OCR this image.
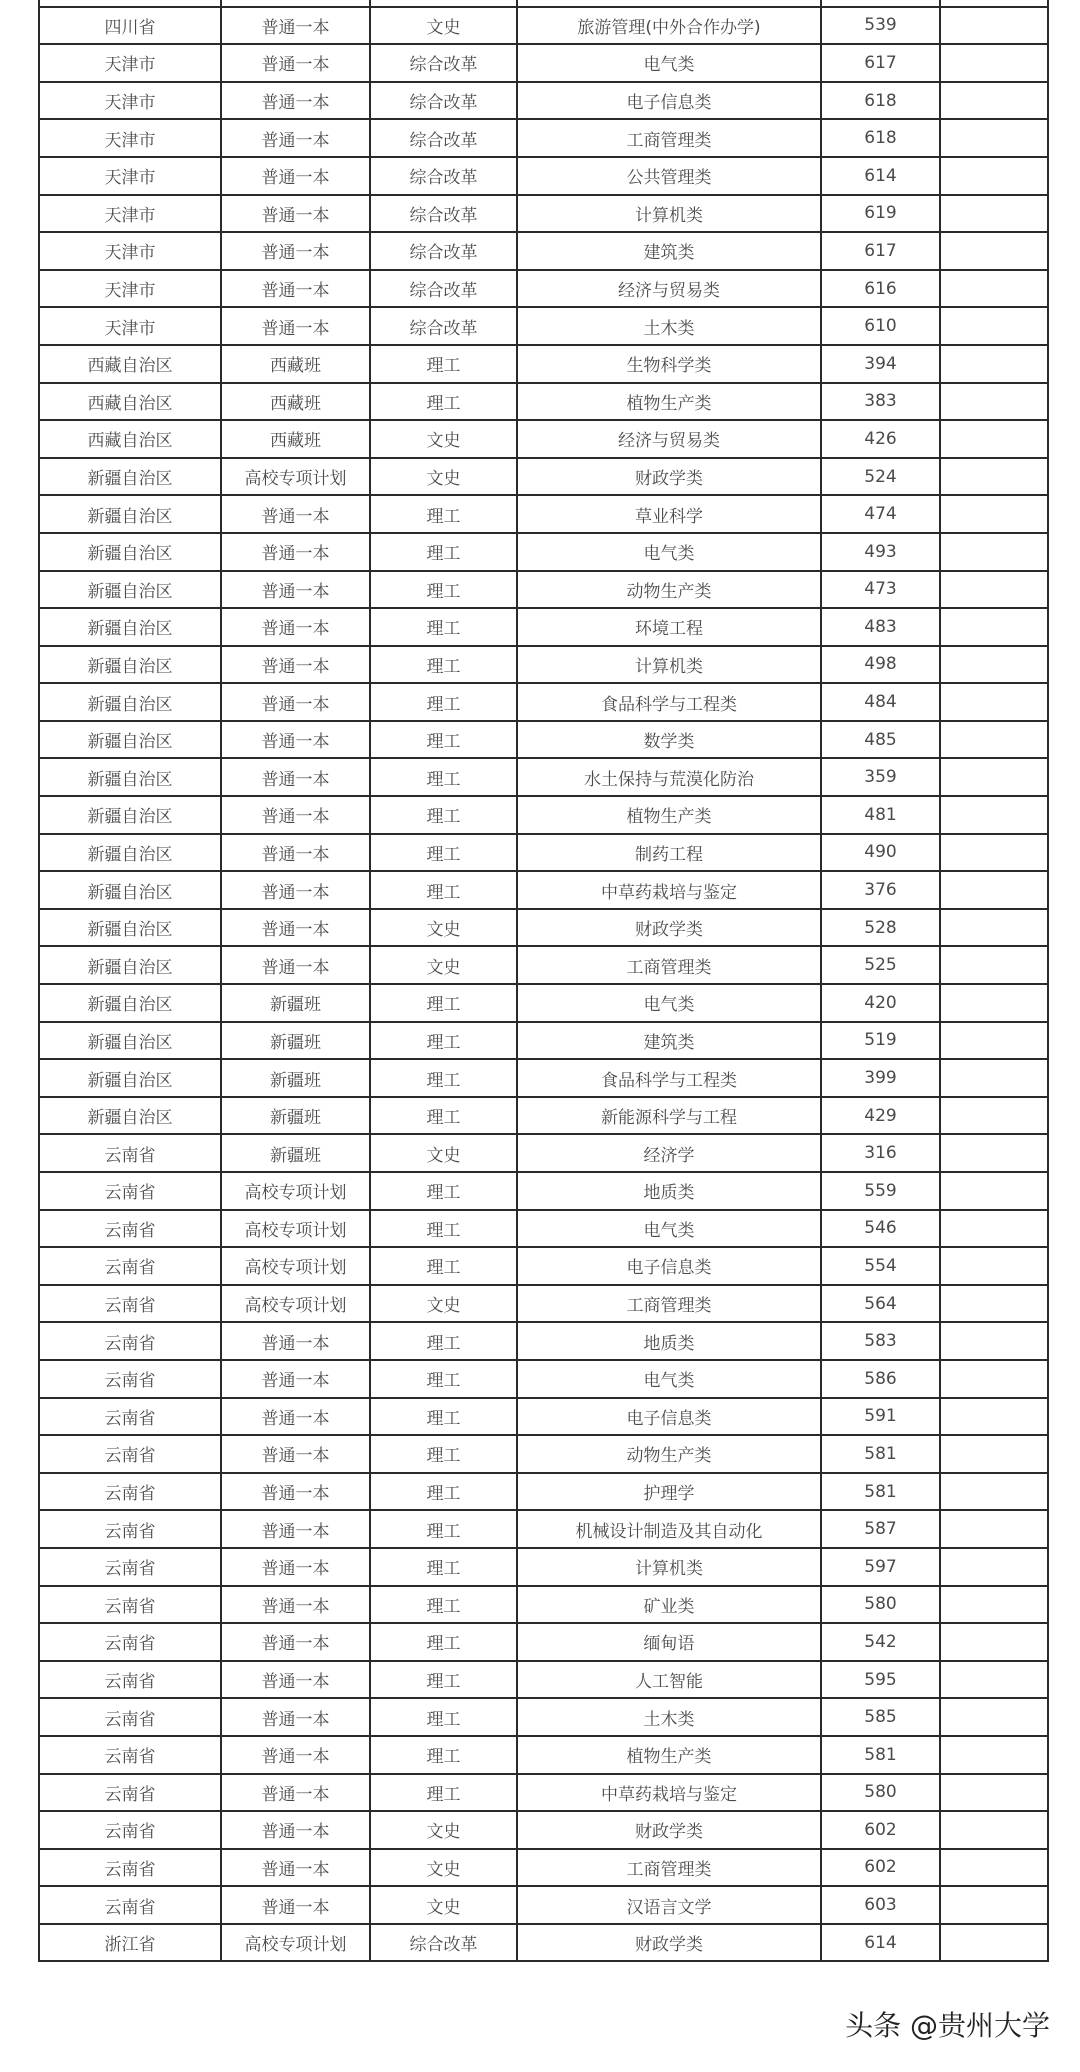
四川省	普通一本	文史	旅游管理(中外合作办学)	539	
天津市	普通一本	综合改革	电气类	617	
天津市	普通一本	综合改革	电子信息类	618	
天津市	普通一本	综合改革	工商管理类	618	
天津市	普通一本	综合改革	公共管理类	614	
天津市	普通一本	综合改革	计算机类	619	
天津市	普通一本	综合改革	建筑类	617	
天津市	普通一本	综合改革	经济与贸易类	616	
天津市	普通一本	综合改革	土木类	610	
西藏自治区	西藏班	理工	生物科学类	394	
西藏自治区	西藏班	理工	植物生产类	383	
西藏自治区	西藏班	文史	经济与贸易类	426	
新疆自治区	高校专项计划	文史	财政学类	524	
新疆自治区	普通一本	理工	草业科学	474	
新疆自治区	普通一本	理工	电气类	493	
新疆自治区	普通一本	理工	动物生产类	473	
新疆自治区	普通一本	理工	环境工程	483	
新疆自治区	普通一本	理工	计算机类	498	
新疆自治区	普通一本	理工	食品科学与工程类	484	
新疆自治区	普通一本	理工	数学类	485	
新疆自治区	普通一本	理工	水土保持与荒漠化防治	359	
新疆自治区	普通一本	理工	植物生产类	481	
新疆自治区	普通一本	理工	制药工程	490	
新疆自治区	普通一本	理工	中草药栽培与鉴定	376	
新疆自治区	普通一本	文史	财政学类	528	
新疆自治区	普通一本	文史	工商管理类	525	
新疆自治区	新疆班	理工	电气类	420	
新疆自治区	新疆班	理工	建筑类	519	
新疆自治区	新疆班	理工	食品科学与工程类	399	
新疆自治区	新疆班	理工	新能源科学与工程	429	
云南省	新疆班	文史	经济学	316	
云南省	高校专项计划	理工	地质类	559	
云南省	高校专项计划	理工	电气类	546	
云南省	高校专项计划	理工	电子信息类	554	
云南省	高校专项计划	文史	工商管理类	564	
云南省	普通一本	理工	地质类	583	
云南省	普通一本	理工	电气类	586	
云南省	普通一本	理工	电子信息类	591	
云南省	普通一本	理工	动物生产类	581	
云南省	普通一本	理工	护理学	581	
云南省	普通一本	理工	机械设计制造及其自动化	587	
云南省	普通一本	理工	计算机类	597	
云南省	普通一本	理工	矿业类	580	
云南省	普通一本	理工	缅甸语	542	
云南省	普通一本	理工	人工智能	595	
云南省	普通一本	理工	土木类	585	
云南省	普通一本	理工	植物生产类	581	
云南省	普通一本	理工	中草药栽培与鉴定	580	
云南省	普通一本	文史	财政学类	602	
云南省	普通一本	文史	工商管理类	602	
云南省	普通一本	文史	汉语言文学	603	
浙江省	高校专项计划	综合改革	财政学类	614	
头条 @贵州大学
